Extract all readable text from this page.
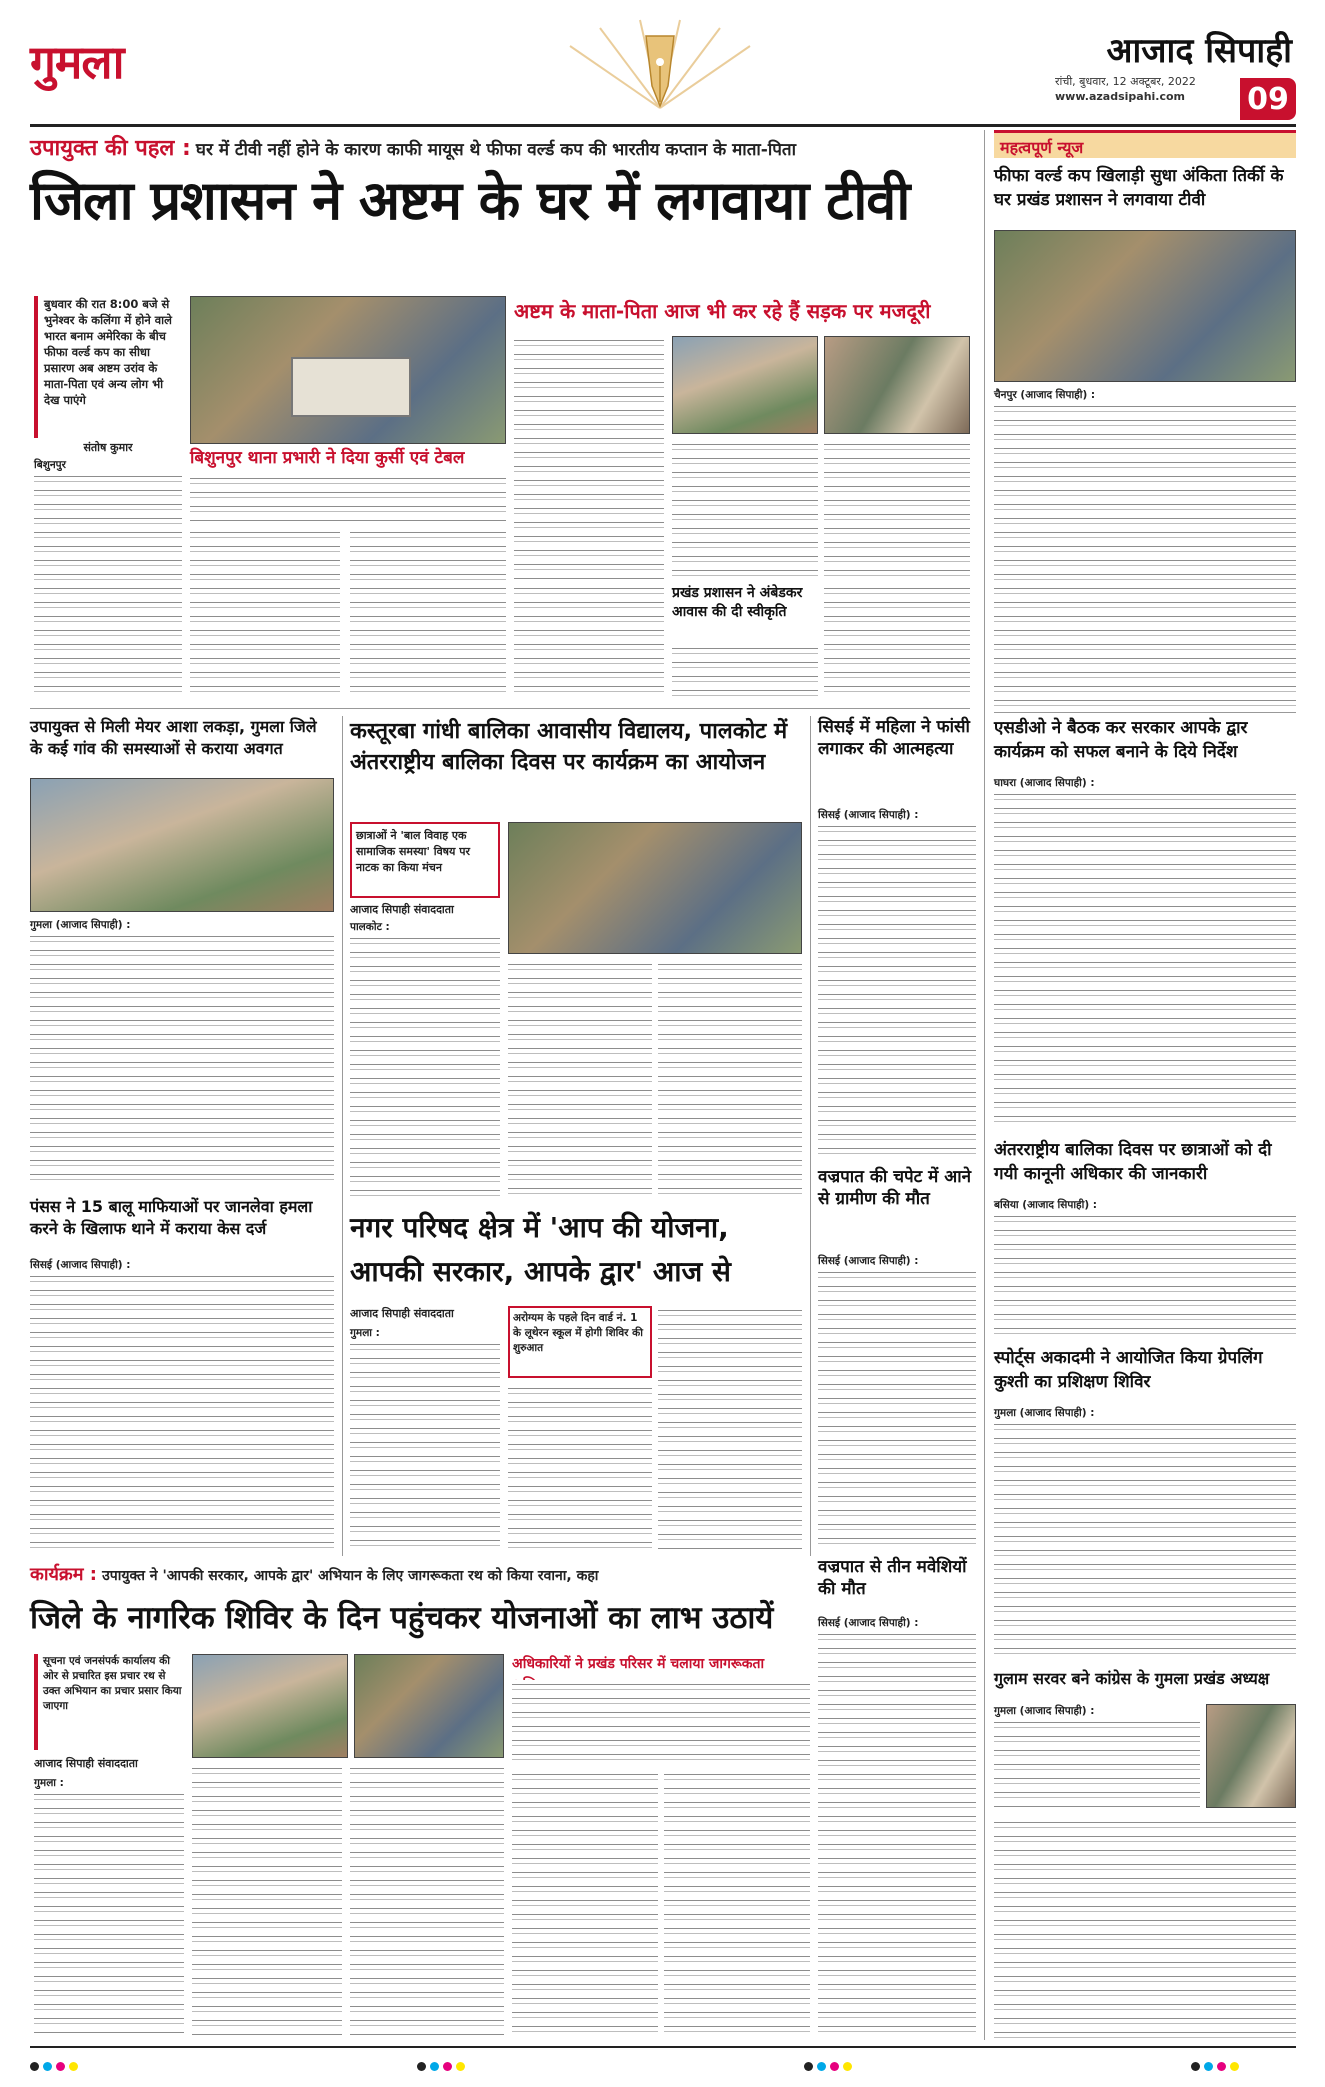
गुमला	आजाद सिपाही
रांची, बुधवार, 12 अक्टूबर, 2022
www.azadsipahi.com	09
उपायुक्त की पहल : घर में टीवी नहीं होने के कारण काफी मायूस थे फीफा वर्ल्ड कप की भारतीय कप्तान के माता-पिता
जिला प्रशासन ने अष्टम के घर में लगवाया टीवी
बुधवार की रात 8:00 बजे से भुनेश्वर के कलिंगा में होने वाले भारत बनाम अमेरिका के बीच फीफा वर्ल्ड कप का सीधा प्रसारण अब अष्टम उरांव के माता-पिता एवं अन्य लोग भी देख पाएंगे
संतोष कुमार
बिशुनपुर	बिशुनपुर थाना प्रभारी ने दिया कुर्सी एवं टेबल
अष्टम के माता-पिता आज भी कर रहे हैं सड़क पर मजदूरी
प्रखंड प्रशासन ने अंबेडकर आवास की दी स्वीकृति
महत्वपूर्ण न्यूज
फीफा वर्ल्ड कप खिलाड़ी सुधा अंकिता तिर्की के घर प्रखंड प्रशासन ने लगवाया टीवी
चैनपुर (आजाद सिपाही) :
एसडीओ ने बैठक कर सरकार आपके द्वार कार्यक्रम को सफल बनाने के दिये निर्देश
घाघरा (आजाद सिपाही) :
अंतरराष्ट्रीय बालिका दिवस पर छात्राओं को दी गयी कानूनी अधिकार की जानकारी
बसिया (आजाद सिपाही) :
स्पोर्ट्स अकादमी ने आयोजित किया ग्रेपलिंग कुश्ती का प्रशिक्षण शिविर
गुमला (आजाद सिपाही) :
गुलाम सरवर बने कांग्रेस के गुमला प्रखंड अध्यक्ष
गुमला (आजाद सिपाही) :
उपायुक्त से मिली मेयर आशा लकड़ा, गुमला जिले के कई गांव की समस्याओं से कराया अवगत
गुमला (आजाद सिपाही) :
पंसस ने 15 बालू माफियाओं पर जानलेवा हमला करने के खिलाफ थाने में कराया केस दर्ज
सिसई (आजाद सिपाही) :
कस्तूरबा गांधी बालिका आवासीय विद्यालय, पालकोट में अंतरराष्ट्रीय बालिका दिवस पर कार्यक्रम का आयोजन
छात्राओं ने 'बाल विवाह एक सामाजिक समस्या' विषय पर नाटक का किया मंचन
आजाद सिपाही संवाददाता
पालकोट :
सिसई में महिला ने फांसी लगाकर की आत्महत्या
सिसई (आजाद सिपाही) :
वज्रपात की चपेट में आने से ग्रामीण की मौत
सिसई (आजाद सिपाही) :
नगर परिषद क्षेत्र में 'आप की योजना, आपकी सरकार, आपके द्वार' आज से
आजाद सिपाही संवाददाता
गुमला :
अरोग्यम के पहले दिन वार्ड नं. 1 के लूथेरन स्कूल में होगी शिविर की शुरुआत
कार्यक्रम : उपायुक्त ने 'आपकी सरकार, आपके द्वार' अभियान के लिए जागरूकता रथ को किया रवाना, कहा
जिले के नागरिक शिविर के दिन पहुंचकर योजनाओं का लाभ उठायें
वज्रपात से तीन मवेशियों की मौत
सिसई (आजाद सिपाही) :
सूचना एवं जनसंपर्क कार्यालय की ओर से प्रचारित इस प्रचार रथ से उक्त अभियान का प्रचार प्रसार किया जाएगा
आजाद सिपाही संवाददाता
गुमला :
अधिकारियों ने प्रखंड परिसर में चलाया जागरूकता
